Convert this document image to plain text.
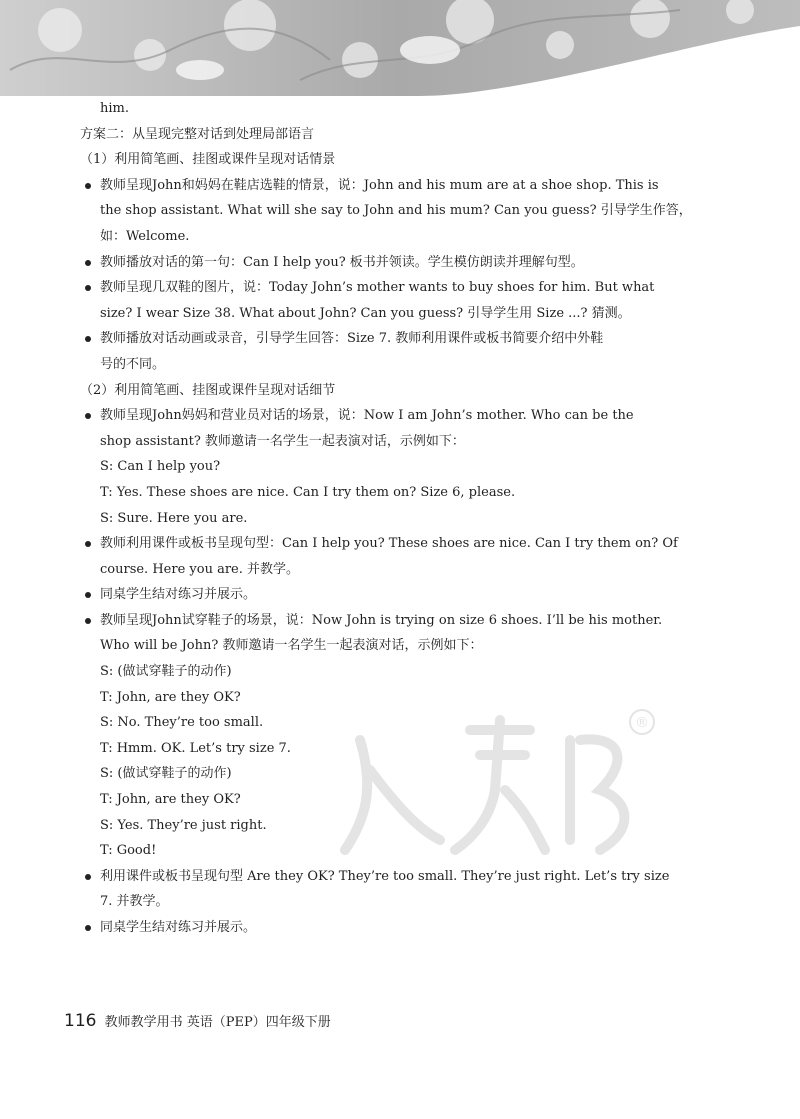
him.
方案二：从呈现完整对话到处理局部语言
（1）利用简笔画、挂图或课件呈现对话情景
教师呈现John和妈妈在鞋店选鞋的情景，说：John and his mum are at a shoe shop. This is
the shop assistant. What will she say to John and his mum? Can you guess? 引导学生作答，
如：Welcome.
教师播放对话的第一句：Can I help you? 板书并领读。学生模仿朗读并理解句型。
教师呈现几双鞋的图片，说：Today John’s mother wants to buy shoes for him. But what
size? I wear Size 38. What about John? Can you guess? 引导学生用 Size ...? 猜测。
教师播放对话动画或录音，引导学生回答：Size 7. 教师利用课件或板书简要介绍中外鞋
号的不同。
（2）利用简笔画、挂图或课件呈现对话细节
教师呈现John妈妈和营业员对话的场景，说：Now I am John’s mother. Who can be the
shop assistant? 教师邀请一名学生一起表演对话，示例如下：
S: Can I help you?
T: Yes. These shoes are nice. Can I try them on? Size 6, please.
S: Sure. Here you are.
教师利用课件或板书呈现句型：Can I help you? These shoes are nice. Can I try them on? Of
course. Here you are. 并教学。
同桌学生结对练习并展示。
教师呈现John试穿鞋子的场景，说：Now John is trying on size 6 shoes. I’ll be his mother.
Who will be John? 教师邀请一名学生一起表演对话，示例如下：
S: (做试穿鞋子的动作)
T: John, are they OK?
S: No. They’re too small.
T: Hmm. OK. Let’s try size 7.
S: (做试穿鞋子的动作)
T: John, are they OK?
S: Yes. They’re just right.
T: Good!
利用课件或板书呈现句型 Are they OK? They’re too small. They’re just right. Let’s try size
7. 并教学。
同桌学生结对练习并展示。
®
116 教师教学用书 英语（PEP）四年级下册
